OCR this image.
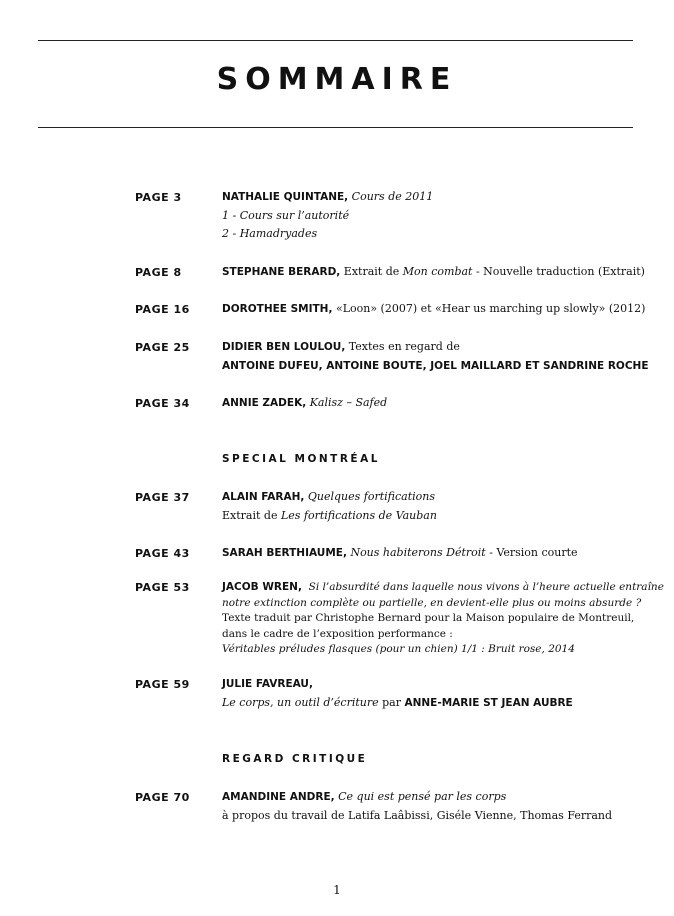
SOMMAIRE
PAGE 3	NATHALIE QUINTANE, Cours de 2011
1 - Cours sur l’autorité
2 - Hamadryades
PAGE 8	STEPHANE BERARD, Extrait de Mon combat - Nouvelle traduction (Extrait)
PAGE 16	DOROTHEE SMITH, «Loon» (2007) et «Hear us marching up slowly» (2012)
PAGE 25	DIDIER BEN LOULOU, Textes en regard de
ANTOINE DUFEU, ANTOINE BOUTE, JOEL MAILLARD ET SANDRINE ROCHE
PAGE 34	ANNIE ZADEK, Kalisz – Safed
SPECIAL MONTRÉAL
PAGE 37	ALAIN FARAH, Quelques fortifications
Extrait de Les fortifications de Vauban
PAGE 43	SARAH BERTHIAUME, Nous habiterons Détroit - Version courte
PAGE 53	JACOB WREN, Si l’absurdité dans laquelle nous vivons à l’heure actuelle entraîne
notre extinction complète ou partielle, en devient-elle plus ou moins absurde ?
Texte traduit par Christophe Bernard pour la Maison populaire de Montreuil,
dans le cadre de l’exposition performance :
Véritables préludes flasques (pour un chien) 1/1 : Bruit rose, 2014
PAGE 59	JULIE FAVREAU,
Le corps, un outil d’écriture par ANNE-MARIE ST JEAN AUBRE
REGARD CRITIQUE
PAGE 70	AMANDINE ANDRE, Ce qui est pensé par les corps
à propos du travail de Latifa Laâbissi, Giséle Vienne, Thomas Ferrand
1
